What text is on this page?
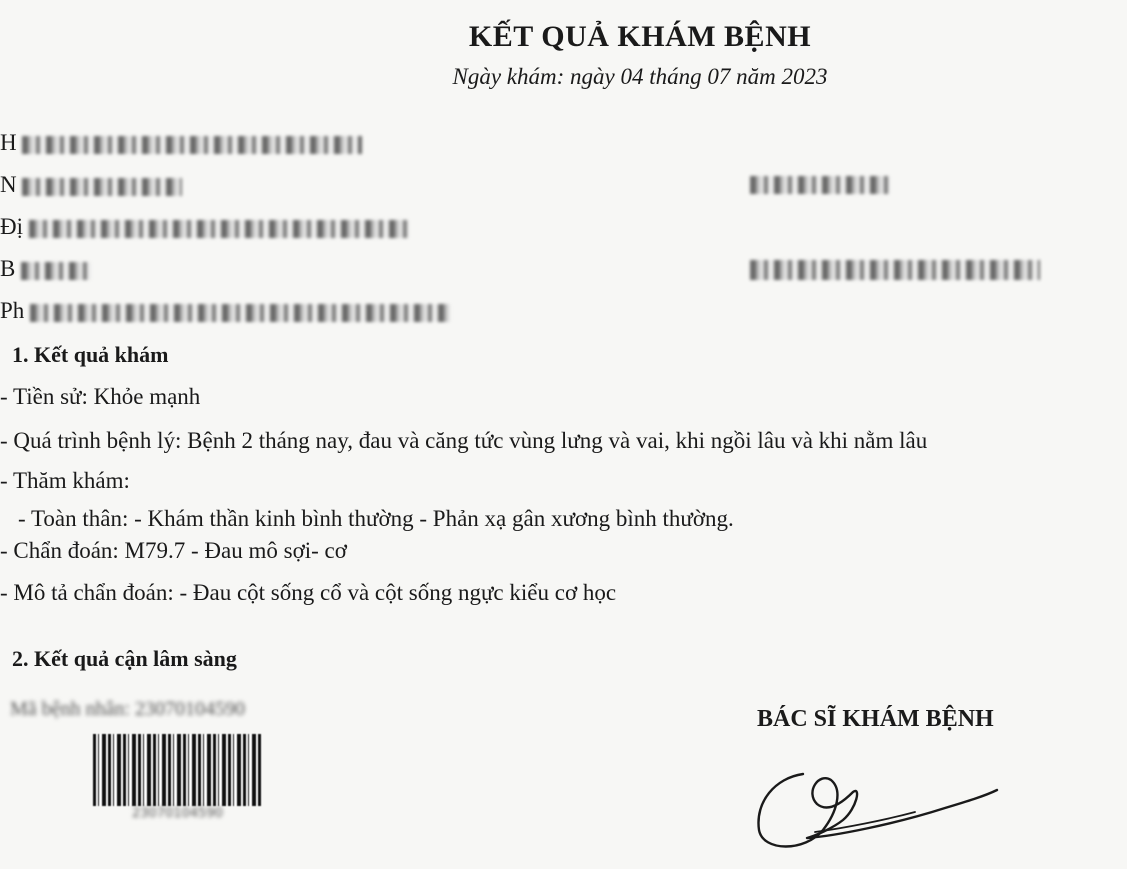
KẾT QUẢ KHÁM BỆNH
Ngày khám: ngày 04 tháng 07 năm 2023
H
N
Đị
B
Ph
1. Kết quả khám
- Tiền sử: Khỏe mạnh
- Quá trình bệnh lý: Bệnh 2 tháng nay, đau và căng tức vùng lưng và vai, khi ngồi lâu và khi nằm lâu
- Thăm khám:
- Toàn thân: - Khám thần kinh bình thường - Phản xạ gân xương bình thường.
- Chẩn đoán: M79.7 - Đau mô sợi- cơ
- Mô tả chẩn đoán: - Đau cột sống cổ và cột sống ngực kiểu cơ học
2. Kết quả cận lâm sàng
Mã bệnh nhân: 23070104590
23070104590
BÁC SĨ KHÁM BỆNH
